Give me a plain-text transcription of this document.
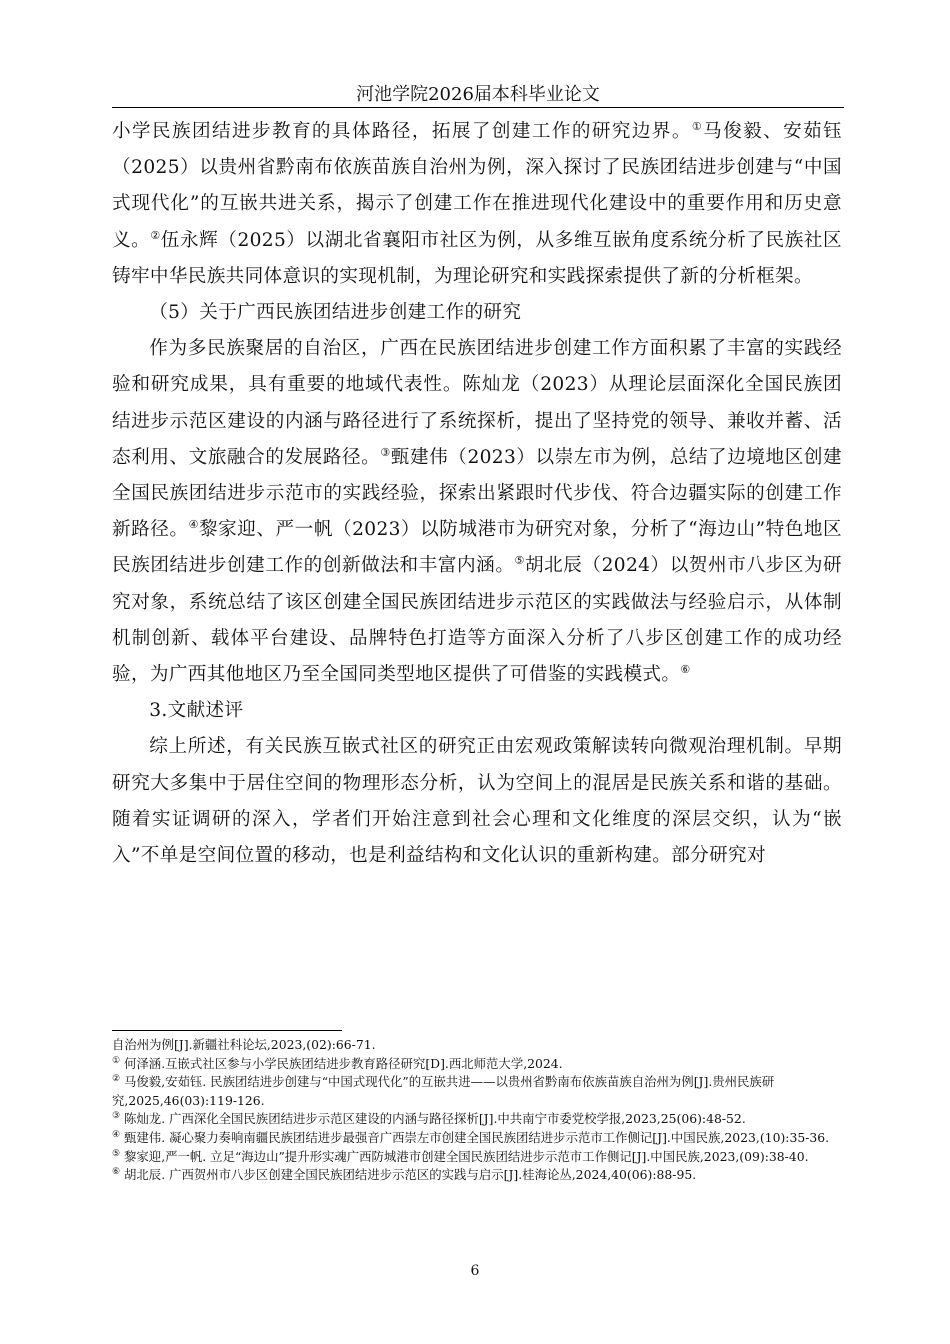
河池学院2026届本科毕业论文

小学民族团结进步教育的具体路径，拓展了创建工作的研究边界。①马俊毅、安茹钰（2025）以贵州省黔南布依族苗族自治州为例，深入探讨了民族团结进步创建与“中国式现代化”的互嵌共进关系，揭示了创建工作在推进现代化建设中的重要作用和历史意义。②伍永辉（2025）以湖北省襄阳市社区为例，从多维互嵌角度系统分析了民族社区铸牢中华民族共同体意识的实现机制，为理论研究和实践探索提供了新的分析框架。

（5）关于广西民族团结进步创建工作的研究

作为多民族聚居的自治区，广西在民族团结进步创建工作方面积累了丰富的实践经验和研究成果，具有重要的地域代表性。陈灿龙（2023）从理论层面深化全国民族团结进步示范区建设的内涵与路径进行了系统探析，提出了坚持党的领导、兼收并蓄、活态利用、文旅融合的发展路径。③甄建伟（2023）以崇左市为例，总结了边境地区创建全国民族团结进步示范市的实践经验，探索出紧跟时代步伐、符合边疆实际的创建工作新路径。④黎家迎、严一帆（2023）以防城港市为研究对象，分析了“海边山”特色地区民族团结进步创建工作的创新做法和丰富内涵。⑤胡北辰（2024）以贺州市八步区为研究对象，系统总结了该区创建全国民族团结进步示范区的实践做法与经验启示，从体制机制创新、载体平台建设、品牌特色打造等方面深入分析了八步区创建工作的成功经验，为广西其他地区乃至全国同类型地区提供了可借鉴的实践模式。⑥

3.文献述评

综上所述，有关民族互嵌式社区的研究正由宏观政策解读转向微观治理机制。早期研究大多集中于居住空间的物理形态分析，认为空间上的混居是民族关系和谐的基础。随着实证调研的深入，学者们开始注意到社会心理和文化维度的深层交织，认为“嵌入”不单是空间位置的移动，也是利益结构和文化认识的重新构建。部分研究对

自治州为例[J].新疆社科论坛,2023,(02):66-71.

① 何泽涵.互嵌式社区参与小学民族团结进步教育路径研究[D].西北师范大学,2024.

② 马俊毅,安茹钰. 民族团结进步创建与“中国式现代化”的互嵌共进——以贵州省黔南布依族苗族自治州为例[J].贵州民族研究,2025,46(03):119-126.

③ 陈灿龙. 广西深化全国民族团结进步示范区建设的内涵与路径探析[J].中共南宁市委党校学报,2023,25(06):48-52.

④ 甄建伟. 凝心聚力奏响南疆民族团结进步最强音广西崇左市创建全国民族团结进步示范市工作侧记[J].中国民族,2023,(10):35-36.

⑤ 黎家迎,严一帆. 立足“海边山”提升形实魂广西防城港市创建全国民族团结进步示范市工作侧记[J].中国民族,2023,(09):38-40.

⑥ 胡北辰. 广西贺州市八步区创建全国民族团结进步示范区的实践与启示[J].桂海论丛,2024,40(06):88-95.

6
